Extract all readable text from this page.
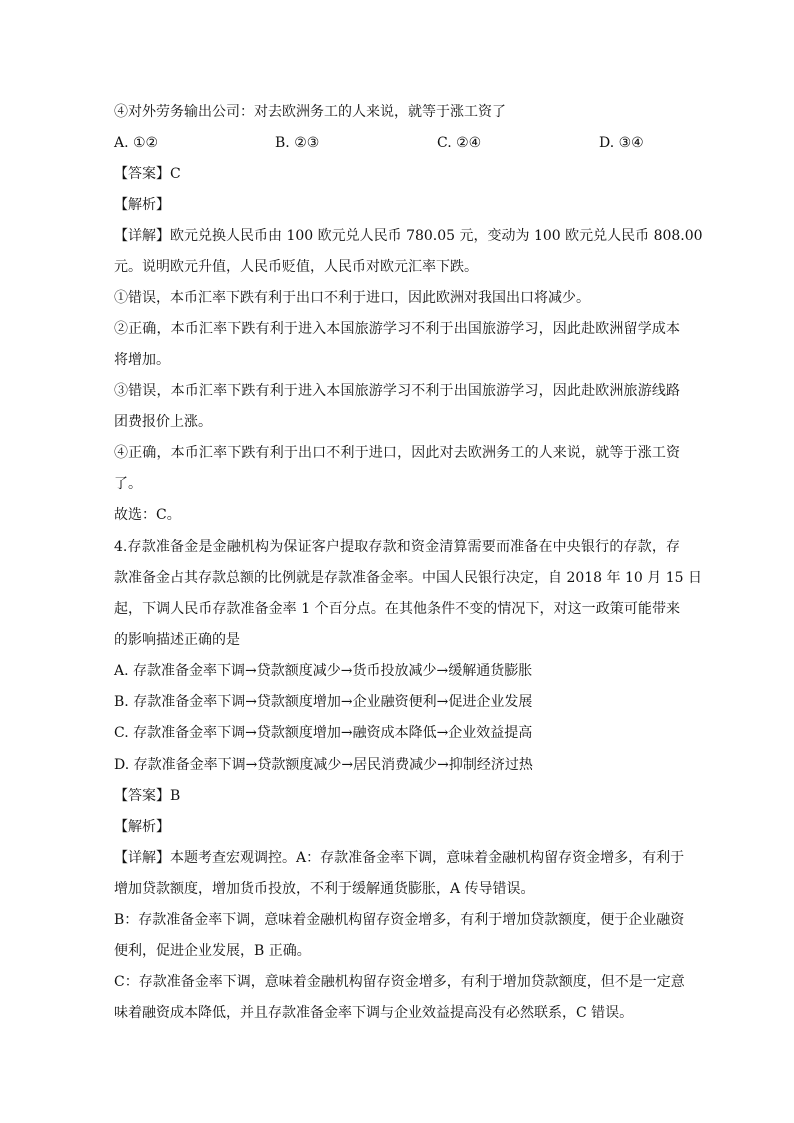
④对外劳务输出公司：对去欧洲务工的人来说，就等于涨工资了
A. ①②	B. ②③	C. ②④	D. ③④
【答案】C
【解析】
【详解】欧元兑换人民币由 100 欧元兑人民币 780.05 元，变动为 100 欧元兑人民币 808.00
元。说明欧元升值，人民币贬值，人民币对欧元汇率下跌。
①错误，本币汇率下跌有利于出口不利于进口，因此欧洲对我国出口将减少。
②正确，本币汇率下跌有利于进入本国旅游学习不利于出国旅游学习，因此赴欧洲留学成本
将增加。
③错误，本币汇率下跌有利于进入本国旅游学习不利于出国旅游学习，因此赴欧洲旅游线路
团费报价上涨。
④正确，本币汇率下跌有利于出口不利于进口，因此对去欧洲务工的人来说，就等于涨工资
了。
故选：C。
4.存款准备金是金融机构为保证客户提取存款和资金清算需要而准备在中央银行的存款，存
款准备金占其存款总额的比例就是存款准备金率。中国人民银行决定，自 2018 年 10 月 15 日
起，下调人民币存款准备金率 1 个百分点。在其他条件不变的情况下，对这一政策可能带来
的影响描述正确的是
A. 存款准备金率下调→贷款额度减少→货币投放减少→缓解通货膨胀
B. 存款准备金率下调→贷款额度增加→企业融资便利→促进企业发展
C. 存款准备金率下调→贷款额度增加→融资成本降低→企业效益提高
D. 存款准备金率下调→贷款额度减少→居民消费减少→抑制经济过热
【答案】B
【解析】
【详解】本题考查宏观调控。A：存款准备金率下调，意味着金融机构留存资金增多，有利于
增加贷款额度，增加货币投放，不利于缓解通货膨胀，A 传导错误。
B：存款准备金率下调，意味着金融机构留存资金增多，有利于增加贷款额度，便于企业融资
便利，促进企业发展，B 正确。
C：存款准备金率下调，意味着金融机构留存资金增多，有利于增加贷款额度，但不是一定意
味着融资成本降低，并且存款准备金率下调与企业效益提高没有必然联系，C 错误。
